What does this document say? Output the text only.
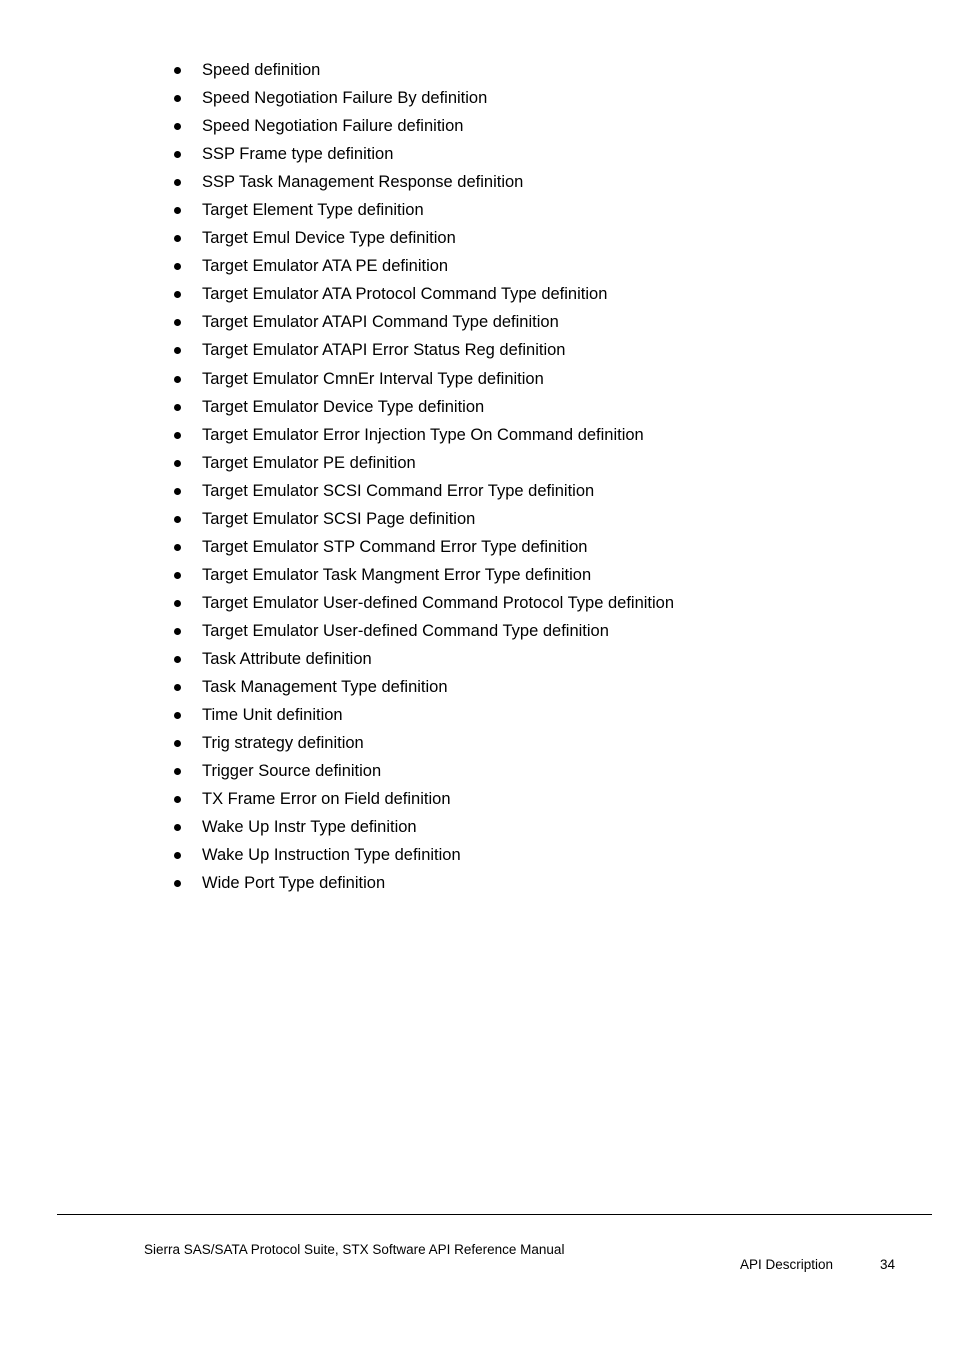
Speed definition
Speed Negotiation Failure By definition
Speed Negotiation Failure definition
SSP Frame type definition
SSP Task Management Response definition
Target Element Type definition
Target Emul Device Type definition
Target Emulator ATA PE definition
Target Emulator ATA Protocol Command Type definition
Target Emulator ATAPI Command Type definition
Target Emulator ATAPI Error Status Reg definition
Target Emulator CmnEr Interval Type definition
Target Emulator Device Type definition
Target Emulator Error Injection Type On Command definition
Target Emulator PE definition
Target Emulator SCSI Command Error Type definition
Target Emulator SCSI Page definition
Target Emulator STP Command Error Type definition
Target Emulator Task Mangment Error Type definition
Target Emulator User-defined Command Protocol Type definition
Target Emulator User-defined Command Type definition
Task Attribute definition
Task Management Type definition
Time Unit definition
Trig strategy definition
Trigger Source definition
TX Frame Error on Field definition
Wake Up Instr Type definition
Wake Up Instruction Type definition
Wide Port Type definition
Sierra SAS/SATA Protocol Suite, STX Software API Reference Manual
API Description	34
